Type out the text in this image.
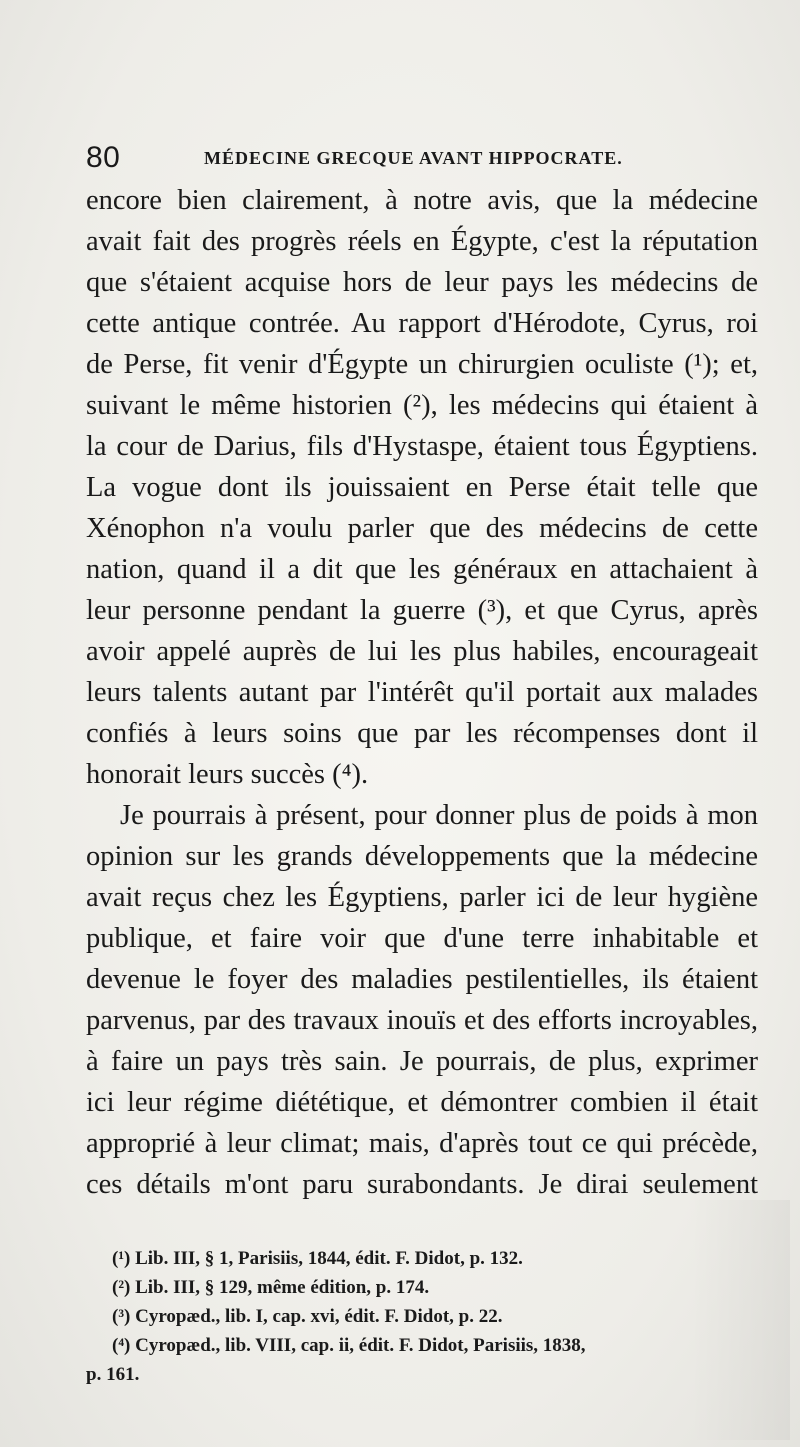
80	MÉDECINE GRECQUE AVANT HIPPOCRATE.
encore bien clairement, à notre avis, que la médecine
avait fait des progrès réels en Égypte, c'est la réputation
que s'étaient acquise hors de leur pays les médecins de
cette antique contrée. Au rapport d'Hérodote, Cyrus, roi
de Perse, fit venir d'Égypte un chirurgien oculiste (¹); et,
suivant le même historien (²), les médecins qui étaient à
la cour de Darius, fils d'Hystaspe, étaient tous Égyptiens.
La vogue dont ils jouissaient en Perse était telle que
Xénophon n'a voulu parler que des médecins de cette
nation, quand il a dit que les généraux en attachaient à
leur personne pendant la guerre (³), et que Cyrus, après
avoir appelé auprès de lui les plus habiles, encourageait
leurs talents autant par l'intérêt qu'il portait aux malades
confiés à leurs soins que par les récompenses dont il
honorait leurs succès (⁴).
Je pourrais à présent, pour donner plus de poids à mon
opinion sur les grands développements que la médecine
avait reçus chez les Égyptiens, parler ici de leur hygiène
publique, et faire voir que d'une terre inhabitable et
devenue le foyer des maladies pestilentielles, ils étaient
parvenus, par des travaux inouïs et des efforts incroyables,
à faire un pays très sain. Je pourrais, de plus, exprimer
ici leur régime diététique, et démontrer combien il était
approprié à leur climat; mais, d'après tout ce qui précède,
ces détails m'ont paru surabondants. Je dirai seulement
(¹) Lib. III, § 1, Parisiis, 1844, édit. F. Didot, p. 132.
(²) Lib. III, § 129, même édition, p. 174.
(³) Cyropæd., lib. I, cap. xvi, édit. F. Didot, p. 22.
(⁴) Cyropæd., lib. VIII, cap. ii, édit. F. Didot, Parisiis, 1838,
p. 161.
